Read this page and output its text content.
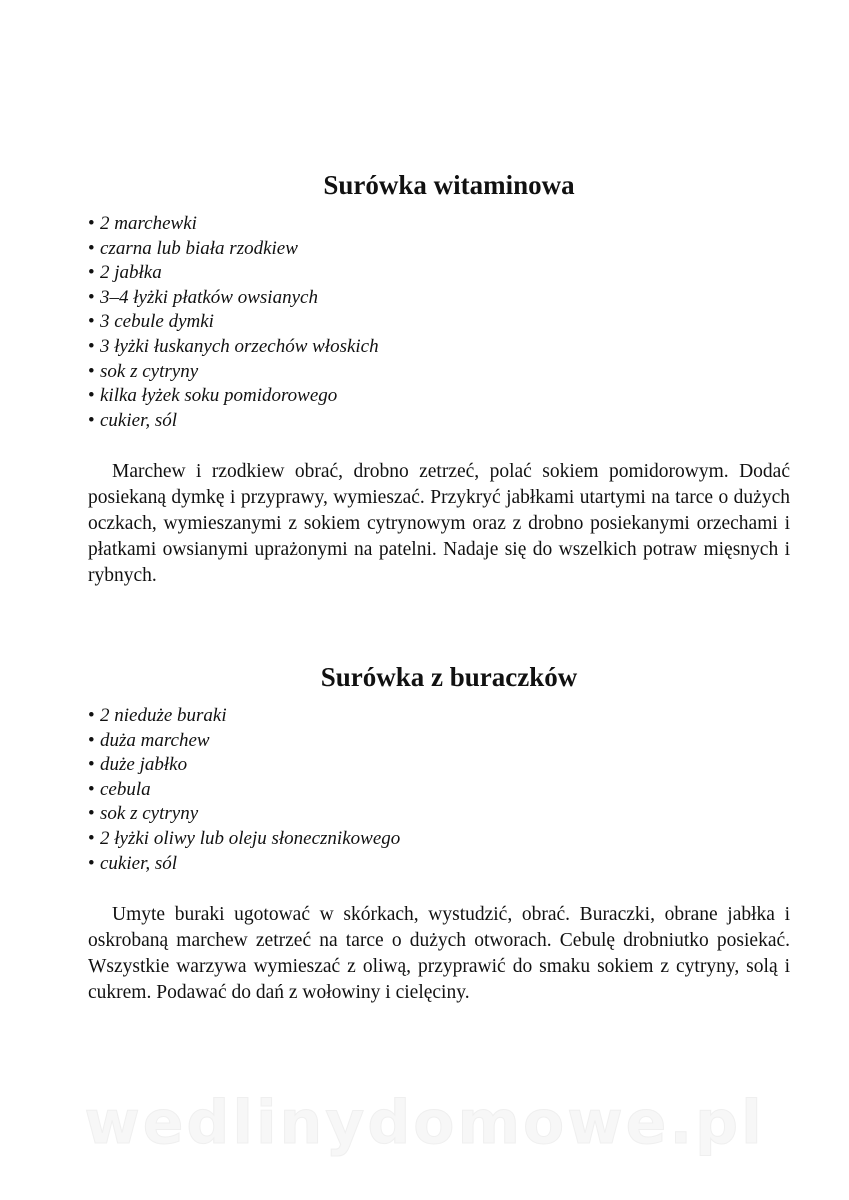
Surówka witaminowa
• 2 marchewki
• czarna lub biała rzodkiew
• 2 jabłka
• 3–4 łyżki płatków owsianych
• 3 cebule dymki
• 3 łyżki łuskanych orzechów włoskich
• sok z cytryny
• kilka łyżek soku pomidorowego
• cukier, sól

Marchew i rzodkiew obrać, drobno zetrzeć, polać sokiem pomidorowym. Dodać posiekaną dymkę i przyprawy, wymieszać. Przykryć jabłkami utartymi na tarce o dużych oczkach, wymieszanymi z sokiem cytrynowym oraz z drobno posiekanymi orzechami i płatkami owsianymi uprażonymi na patelni. Nadaje się do wszelkich potraw mięsnych i rybnych.

Surówka z buraczków
• 2 nieduże buraki
• duża marchew
• duże jabłko
• cebula
• sok z cytryny
• 2 łyżki oliwy lub oleju słonecznikowego
• cukier, sól

Umyte buraki ugotować w skórkach, wystudzić, obrać. Buraczki, obrane jabłka i oskrobaną marchew zetrzeć na tarce o dużych otworach. Cebulę drobniutko posiekać. Wszystkie warzywa wymieszać z oliwą, przyprawić do smaku sokiem z cytryny, solą i cukrem. Podawać do dań z wołowiny i cielęciny.

wedlinydomowe.pl
